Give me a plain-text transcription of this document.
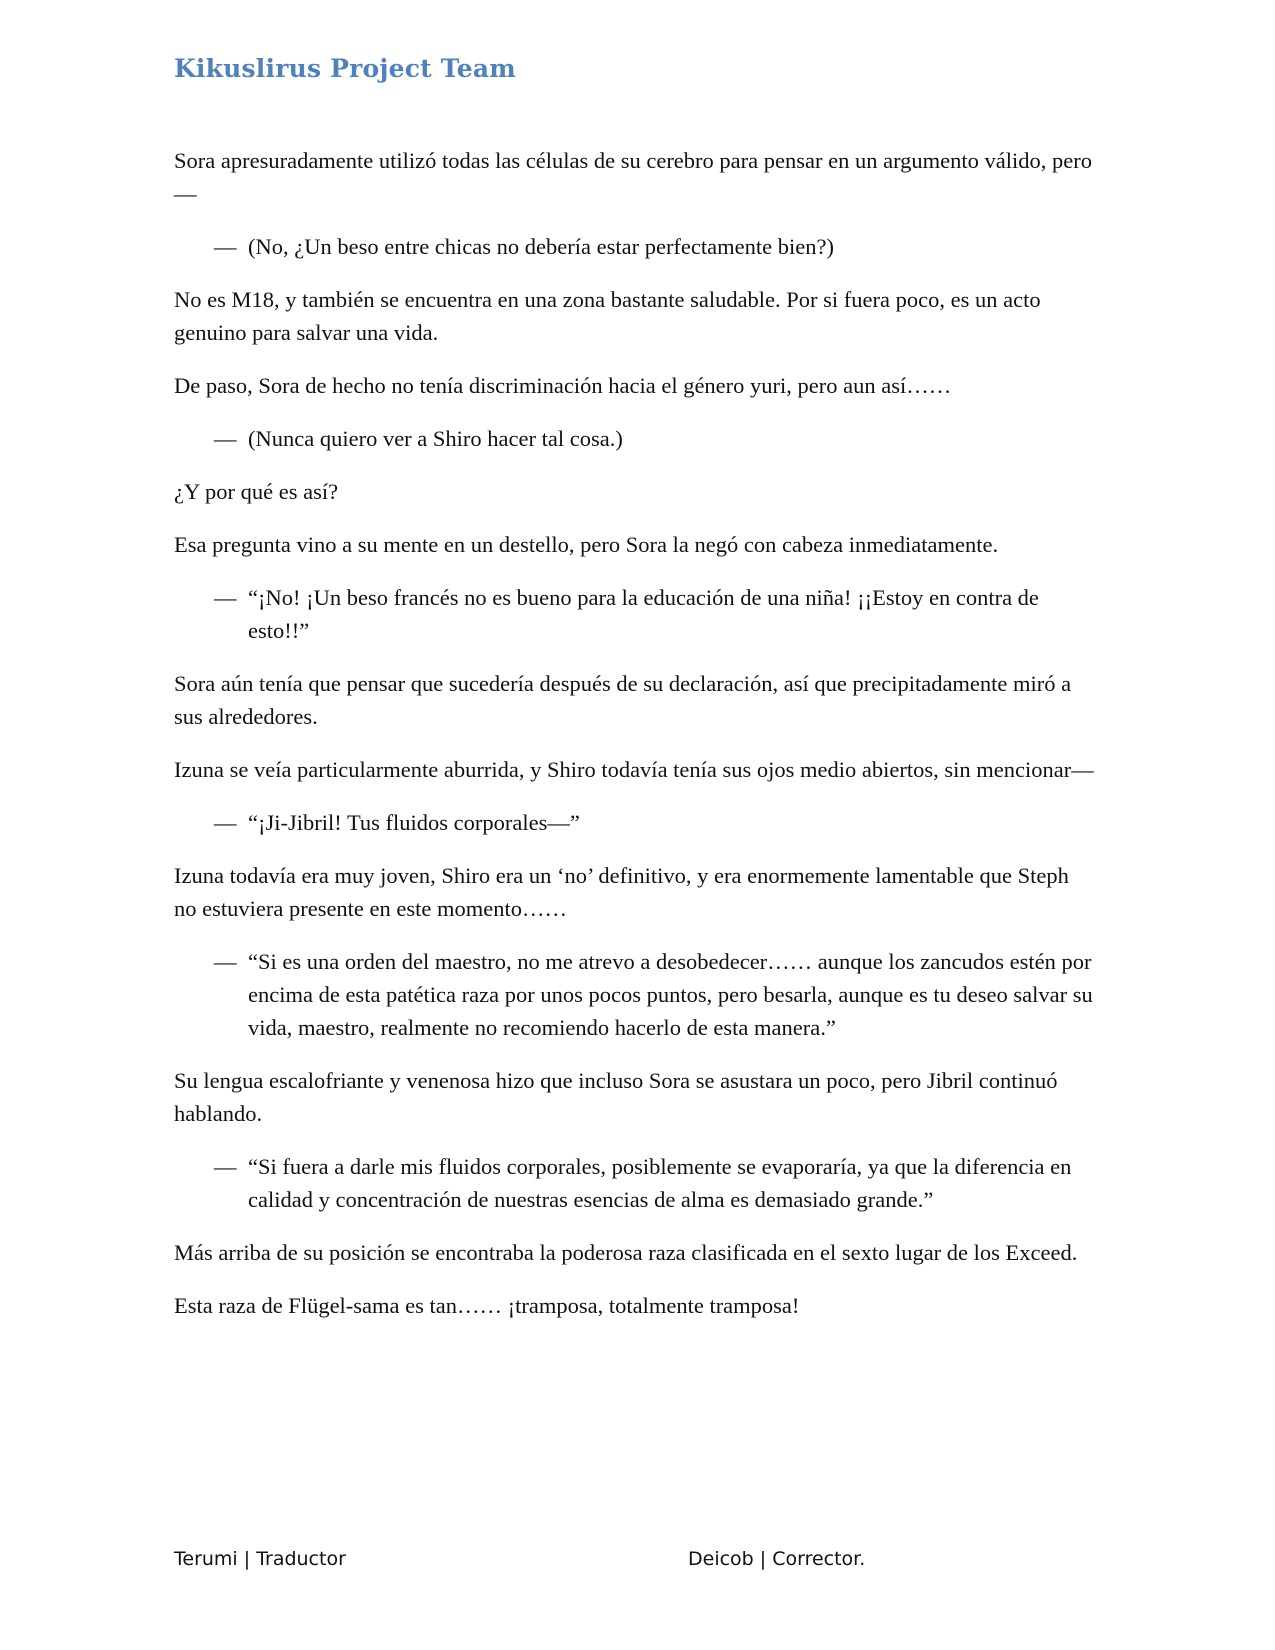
Kikuslirus Project Team
Sora apresuradamente utilizó todas las células de su cerebro para pensar en un argumento válido, pero—
— (No, ¿Un beso entre chicas no debería estar perfectamente bien?)
No es M18, y también se encuentra en una zona bastante saludable. Por si fuera poco, es un acto genuino para salvar una vida.
De paso, Sora de hecho no tenía discriminación hacia el género yuri, pero aun así……
— (Nunca quiero ver a Shiro hacer tal cosa.)
¿Y por qué es así?
Esa pregunta vino a su mente en un destello, pero Sora la negó con cabeza inmediatamente.
— “¡No! ¡Un beso francés no es bueno para la educación de una niña! ¡¡Estoy en contra de esto!!”
Sora aún tenía que pensar que sucedería después de su declaración, así que precipitadamente miró a sus alrededores.
Izuna se veía particularmente aburrida, y Shiro todavía tenía sus ojos medio abiertos, sin mencionar—
— “¡Ji-Jibril! Tus fluidos corporales—”
Izuna todavía era muy joven, Shiro era un ‘no’ definitivo, y era enormemente lamentable que Steph no estuviera presente en este momento……
— “Si es una orden del maestro, no me atrevo a desobedecer…… aunque los zancudos estén por encima de esta patética raza por unos pocos puntos, pero besarla, aunque es tu deseo salvar su vida, maestro, realmente no recomiendo hacerlo de esta manera.”
Su lengua escalofriante y venenosa hizo que incluso Sora se asustara un poco, pero Jibril continuó hablando.
— “Si fuera a darle mis fluidos corporales, posiblemente se evaporaría, ya que la diferencia en calidad y concentración de nuestras esencias de alma es demasiado grande.”
Más arriba de su posición se encontraba la poderosa raza clasificada en el sexto lugar de los Exceed.
Esta raza de Flügel-sama es tan…… ¡tramposa, totalmente tramposa!
Terumi | Traductor	Deicob | Corrector.
